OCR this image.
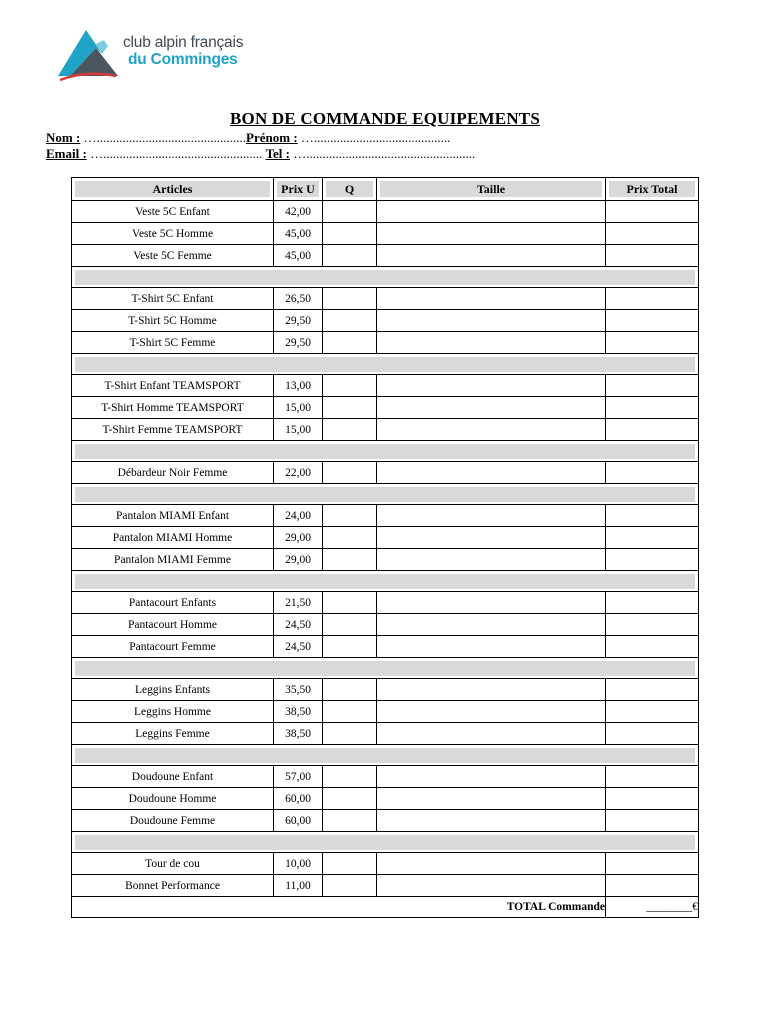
club alpin français
du Comminges
BON DE COMMANDE EQUIPEMENTS
Nom : …..............................................Prénom : …..........................................
Email : …................................................. Tel : …....................................................
Articles	Prix U	Q	Taille	Prix Total

Veste 5C Enfant	42,00			
Veste 5C Homme	45,00			
Veste 5C Femme	45,00			

T-Shirt 5C Enfant	26,50			
T-Shirt 5C Homme	29,50			
T-Shirt 5C Femme	29,50			

T-Shirt Enfant TEAMSPORT	13,00			
T-Shirt Homme TEAMSPORT	15,00			
T-Shirt Femme TEAMSPORT	15,00			

Débardeur Noir Femme	22,00			

Pantalon MIAMI Enfant	24,00			
Pantalon MIAMI Homme	29,00			
Pantalon MIAMI Femme	29,00			

Pantacourt Enfants	21,50			
Pantacourt Homme	24,50			
Pantacourt Femme	24,50			

Leggins Enfants	35,50			
Leggins Homme	38,50			
Leggins Femme	38,50			

Doudoune Enfant	57,00			
Doudoune Homme	60,00			
Doudoune Femme	60,00			

Tour de cou	10,00			
Bonnet Performance	11,00			
TOTAL Commande				________€
